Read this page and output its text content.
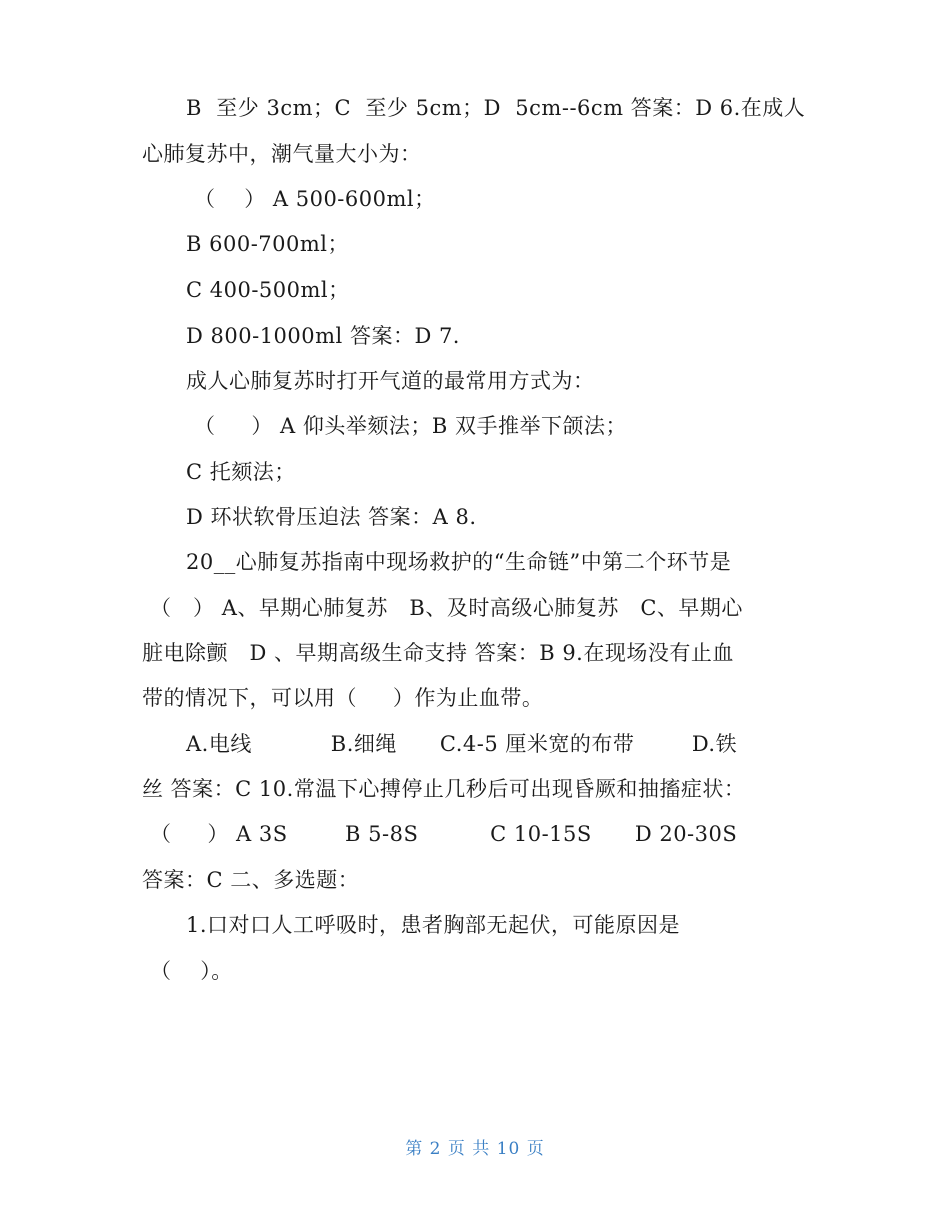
B  至少 3cm；C  至少 5cm；D  5cm--6cm 答案：D 6.在成人
心肺复苏中，潮气量大小为：
（    ） A 500-600ml；
B 600-700ml；
C 400-500ml；
D 800-1000ml 答案：D 7.
成人心肺复苏时打开气道的最常用方式为：
（     ） A 仰头举颏法；B 双手推举下颌法；
C 托颏法；
D 环状软骨压迫法 答案：A 8.
20__心肺复苏指南中现场救护的“生命链”中第二个环节是
（   ） A、早期心肺复苏   B、及时高级心肺复苏   C、早期心
脏电除颤   D 、早期高级生命支持 答案：B 9.在现场没有止血
带的情况下，可以用（     ）作为止血带。
A.电线           B.细绳      C.4-5 厘米宽的布带        D.铁
丝 答案：C 10.常温下心搏停止几秒后可出现昏厥和抽搐症状：
（     ） A 3S        B 5-8S          C 10-15S      D 20-30S
答案：C 二、多选题：
1.口对口人工呼吸时，患者胸部无起伏，可能原因是
（    ）。
第 2 页 共 10 页
